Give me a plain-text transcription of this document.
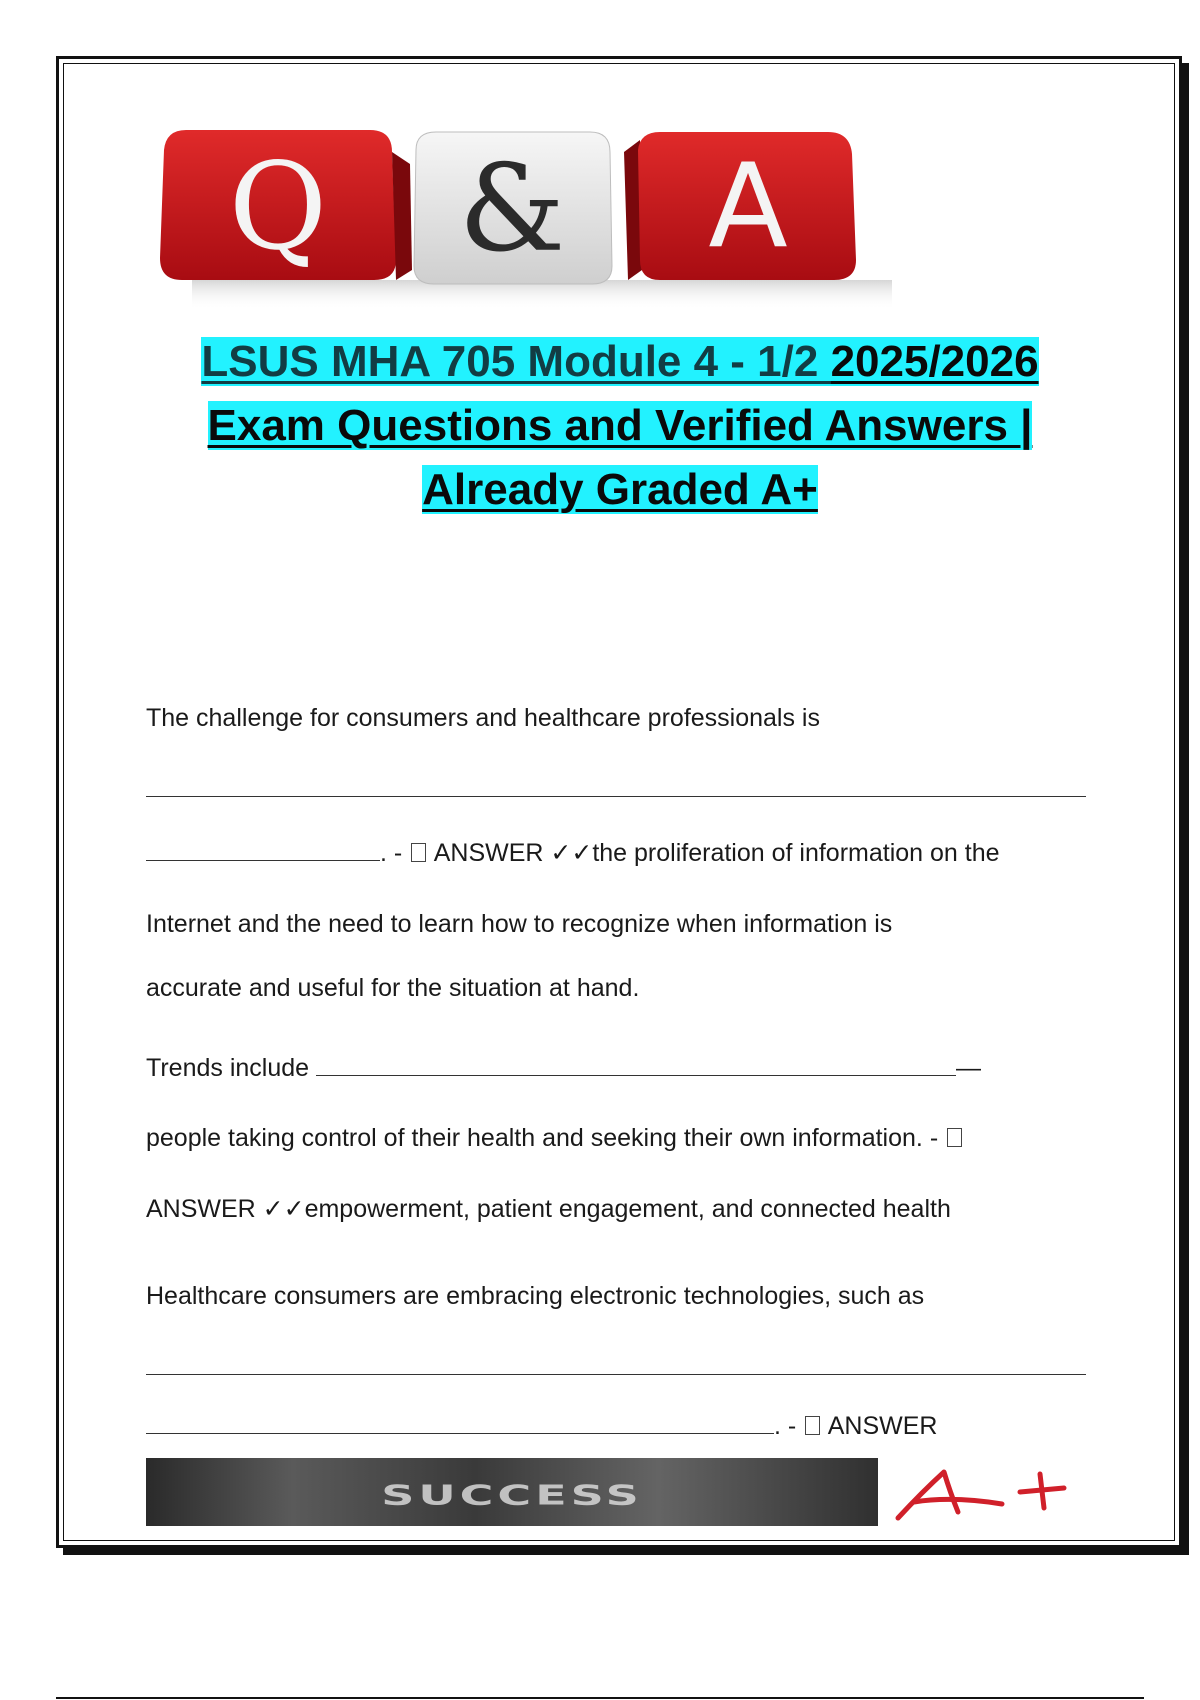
Q & A
LSUS MHA 705 Module 4 - 1/2 2025/2026
Exam Questions and Verified Answers |
Already Graded A+
The challenge for consumers and healthcare professionals is
. -  ANSWER ✓✓the proliferation of information on the
Internet and the need to learn how to recognize when information is
accurate and useful for the situation at hand.
Trends include	—
people taking control of their health and seeking their own information. -
ANSWER ✓✓empowerment, patient engagement, and connected health
Healthcare consumers are embracing electronic technologies, such as
. -  ANSWER
SUCCESS
A+
